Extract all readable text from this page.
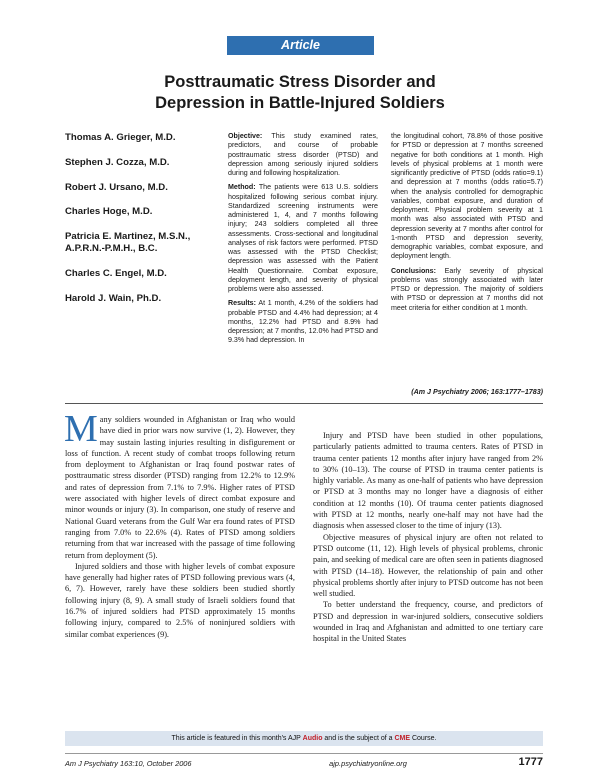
Article
Posttraumatic Stress Disorder and
Depression in Battle-Injured Soldiers
Thomas A. Grieger, M.D.
Stephen J. Cozza, M.D.
Robert J. Ursano, M.D.
Charles Hoge, M.D.
Patricia E. Martinez, M.S.N., A.P.R.N.-P.M.H., B.C.
Charles C. Engel, M.D.
Harold J. Wain, Ph.D.

Objective: This study examined rates, predictors, and course of probable posttraumatic stress disorder (PTSD) and depression among seriously injured soldiers during and following hospitalization.

Method: The patients were 613 U.S. soldiers hospitalized following serious combat injury. Standardized screening instruments were administered 1, 4, and 7 months following injury; 243 soldiers completed all three assessments. Cross-sectional and longitudinal analyses of risk factors were performed. PTSD was assessed with the PTSD Checklist; depression was assessed with the Patient Health Questionnaire. Combat exposure, deployment length, and severity of physical problems were also assessed.

Results: At 1 month, 4.2% of the soldiers had probable PTSD and 4.4% had depression; at 4 months, 12.2% had PTSD and 8.9% had depression; at 7 months, 12.0% had PTSD and 9.3% had depression. In

the longitudinal cohort, 78.8% of those positive for PTSD or depression at 7 months screened negative for both conditions at 1 month. High levels of physical problems at 1 month were significantly predictive of PTSD (odds ratio=9.1) and depression at 7 months (odds ratio=5.7) when the analysis controlled for demographic variables, combat exposure, and duration of deployment. Physical problem severity at 1 month was also associated with PTSD and depression severity at 7 months after control for 1-month PTSD and depression severity, demographic variables, combat exposure, and deployment length.

Conclusions: Early severity of physical problems was strongly associated with later PTSD or depression. The majority of soldiers with PTSD or depression at 7 months did not meet criteria for either condition at 1 month.

(Am J Psychiatry 2006; 163:1777–1783)

Many soldiers wounded in Afghanistan or Iraq who would have died in prior wars now survive (1, 2). However, they may sustain lasting injuries resulting in disfigurement or loss of function. A recent study of combat troops following return from deployment to Afghanistan or Iraq found postwar rates of posttraumatic stress disorder (PTSD) ranging from 12.2% to 12.9% and rates of depression from 7.1% to 7.9%. Higher rates of PTSD were associated with higher levels of direct combat exposure and minor wounds or injury (3). In comparison, one study of reserve and National Guard veterans from the Gulf War era found rates of PTSD ranging from 7.0% to 22.6% (4). Rates of PTSD among soldiers returning from that war increased with the passage of time following return from deployment (5).

Injured soldiers and those with higher levels of combat exposure have generally had higher rates of PTSD following previous wars (4, 6, 7). However, rarely have these soldiers been studied shortly following injury (8, 9). A small study of Israeli soldiers found that 16.7% of injured soldiers had PTSD approximately 15 months following injury, compared to 2.5% of noninjured soldiers with similar combat experiences (9).

Injury and PTSD have been studied in other populations, particularly patients admitted to trauma centers. Rates of PTSD in trauma center patients 12 months after injury have ranged from 2% to 30% (10–13). The course of PTSD in trauma center patients is highly variable. As many as one-half of patients who have depression or PTSD at 3 months may no longer have a diagnosis of either condition at 12 months (10). Of trauma center patients diagnosed with PTSD at 12 months, nearly one-half may not have had the diagnosis when assessed closer to the time of injury (13).

Objective measures of physical injury are often not related to PTSD outcome (11, 12). High levels of physical problems, chronic pain, and seeking of medical care are often seen in patients diagnosed with PTSD (14–18). However, the relationship of pain and other physical problems shortly after injury to PTSD outcome has not been well studied.

To better understand the frequency, course, and predictors of PTSD and depression in war-injured soldiers, consecutive soldiers wounded in Iraq and Afghanistan and admitted to one tertiary care hospital in the United States

This article is featured in this month's AJP Audio and is the subject of a CME Course.
Am J Psychiatry 163:10, October 2006	ajp.psychiatryonline.org	1777
